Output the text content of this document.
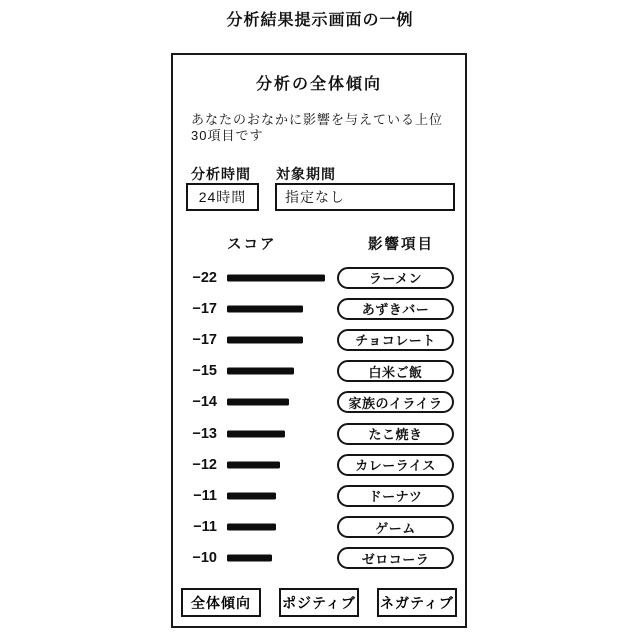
分析結果提示画面の一例
分析の全体傾向
あなたのおなかに影響を与えている上位
30項目です
分析時間 対象期間
24時間	指定なし
スコア	影響項目
−22	ラーメン
−17	あずきバー
−17	チョコレート
−15	白米ご飯
−14	家族のイライラ
−13	たこ焼き
−12	カレーライス
−11	ドーナツ
−11	ゲーム
−10	ゼロコーラ
全体傾向	ポジティブ ネガティブ
